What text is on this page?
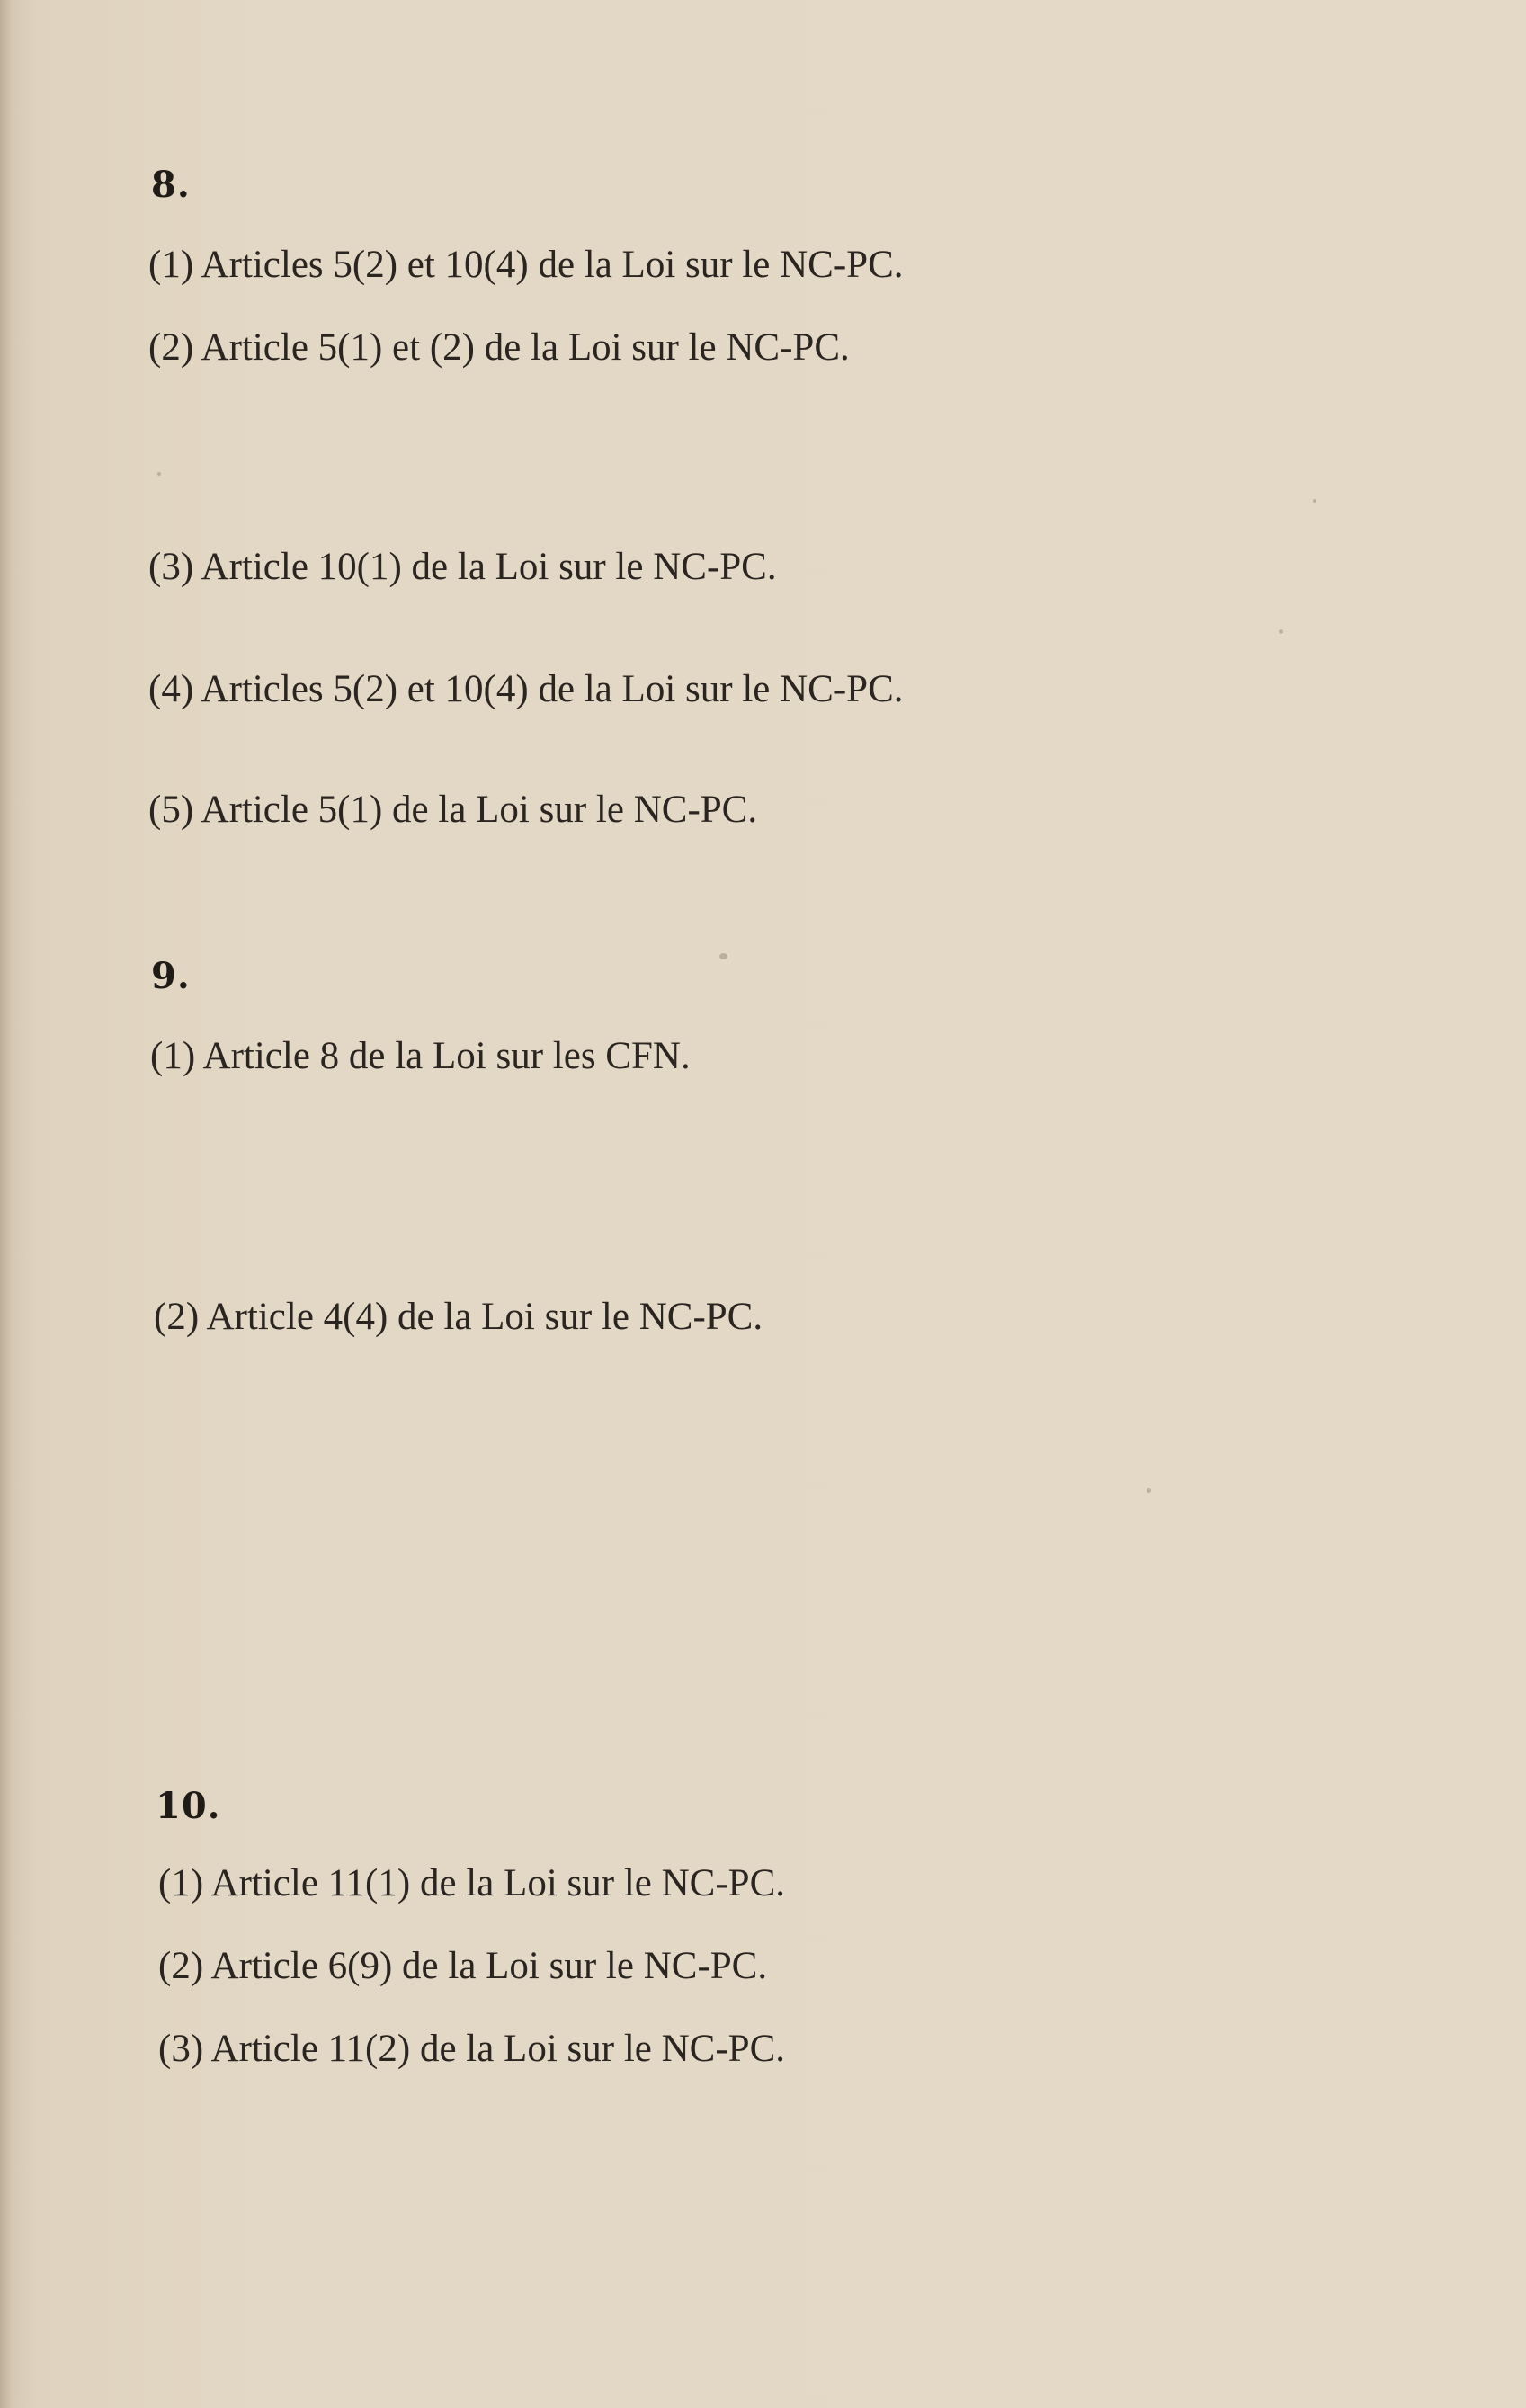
8.
(1) Articles 5(2) et 10(4) de la Loi sur le NC-PC.
(2) Article 5(1) et (2) de la Loi sur le NC-PC.
(3) Article 10(1) de la Loi sur le NC-PC.
(4) Articles 5(2) et 10(4) de la Loi sur le NC-PC.
(5) Article 5(1) de la Loi sur le NC-PC.
9.
(1) Article 8 de la Loi sur les CFN.
(2) Article 4(4) de la Loi sur le NC-PC.
10.
(1) Article 11(1) de la Loi sur le NC-PC.
(2) Article 6(9) de la Loi sur le NC-PC.
(3) Article 11(2) de la Loi sur le NC-PC.
